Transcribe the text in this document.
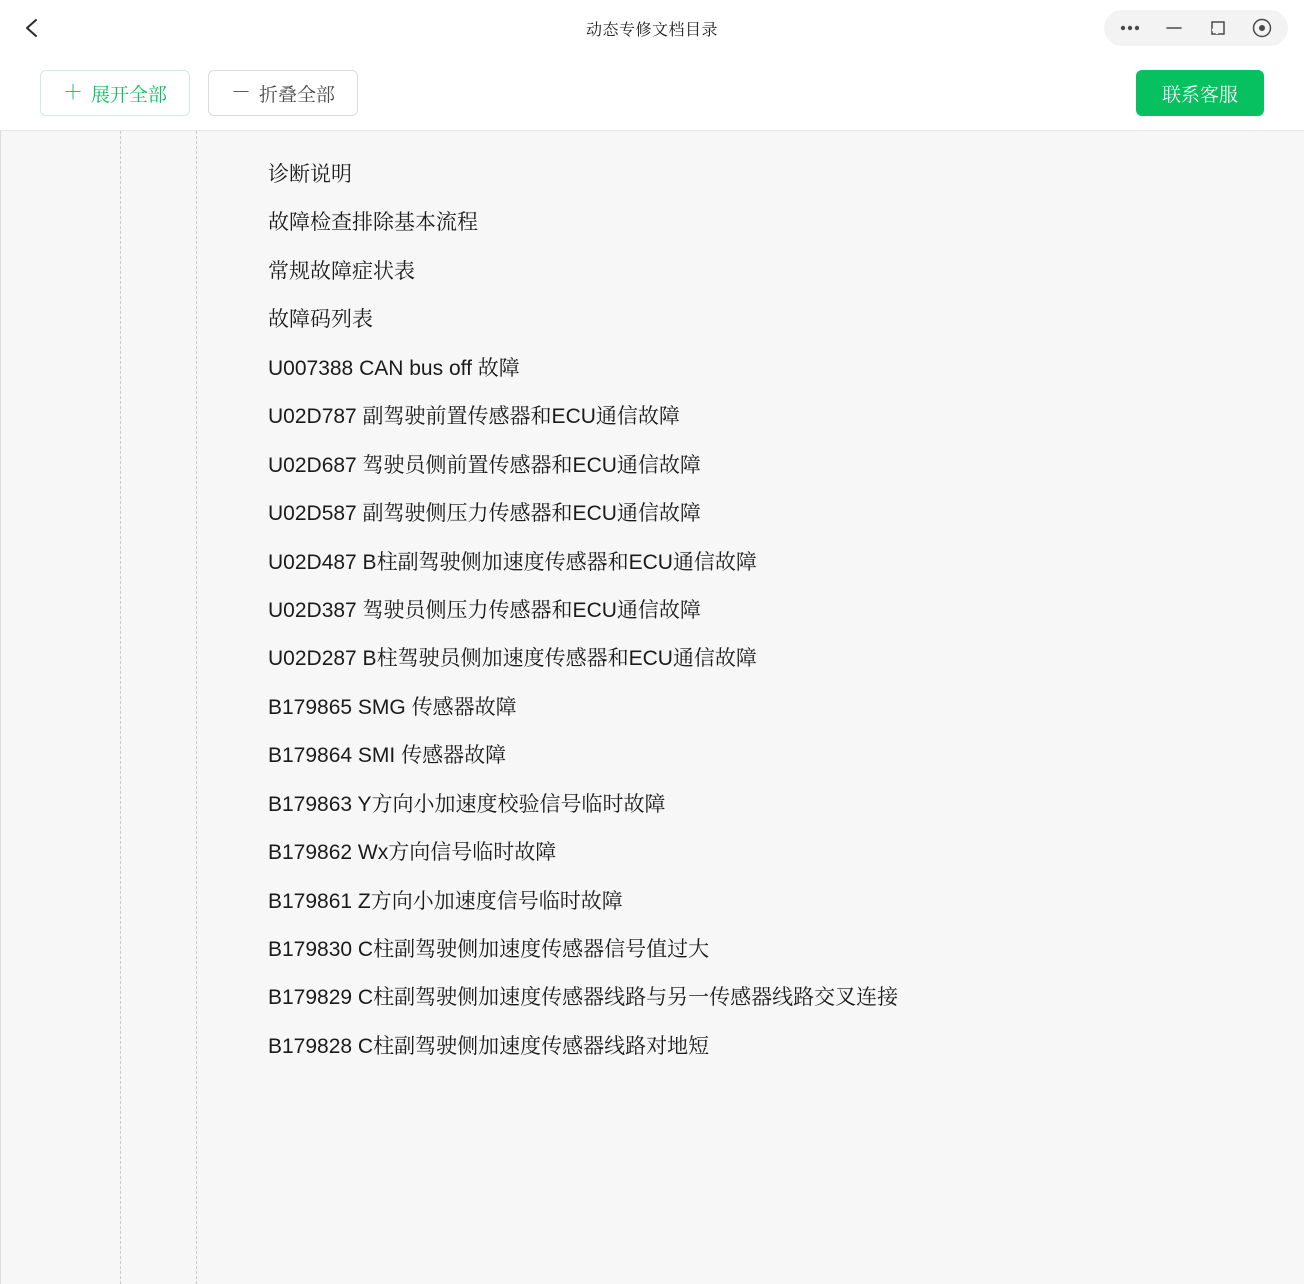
动态专修文档目录
＋ 展开全部	－ 折叠全部	联系客服
诊断说明
故障检查排除基本流程
常规故障症状表
故障码列表
U007388 CAN bus off 故障
U02D787 副驾驶前置传感器和ECU通信故障
U02D687 驾驶员侧前置传感器和ECU通信故障
U02D587 副驾驶侧压力传感器和ECU通信故障
U02D487 B柱副驾驶侧加速度传感器和ECU通信故障
U02D387 驾驶员侧压力传感器和ECU通信故障
U02D287 B柱驾驶员侧加速度传感器和ECU通信故障
B179865 SMG 传感器故障
B179864 SMI 传感器故障
B179863 Y方向小加速度校验信号临时故障
B179862 Wx方向信号临时故障
B179861 Z方向小加速度信号临时故障
B179830 C柱副驾驶侧加速度传感器信号值过大
B179829 C柱副驾驶侧加速度传感器线路与另一传感器线路交叉连接
B179828 C柱副驾驶侧加速度传感器线路对地短
